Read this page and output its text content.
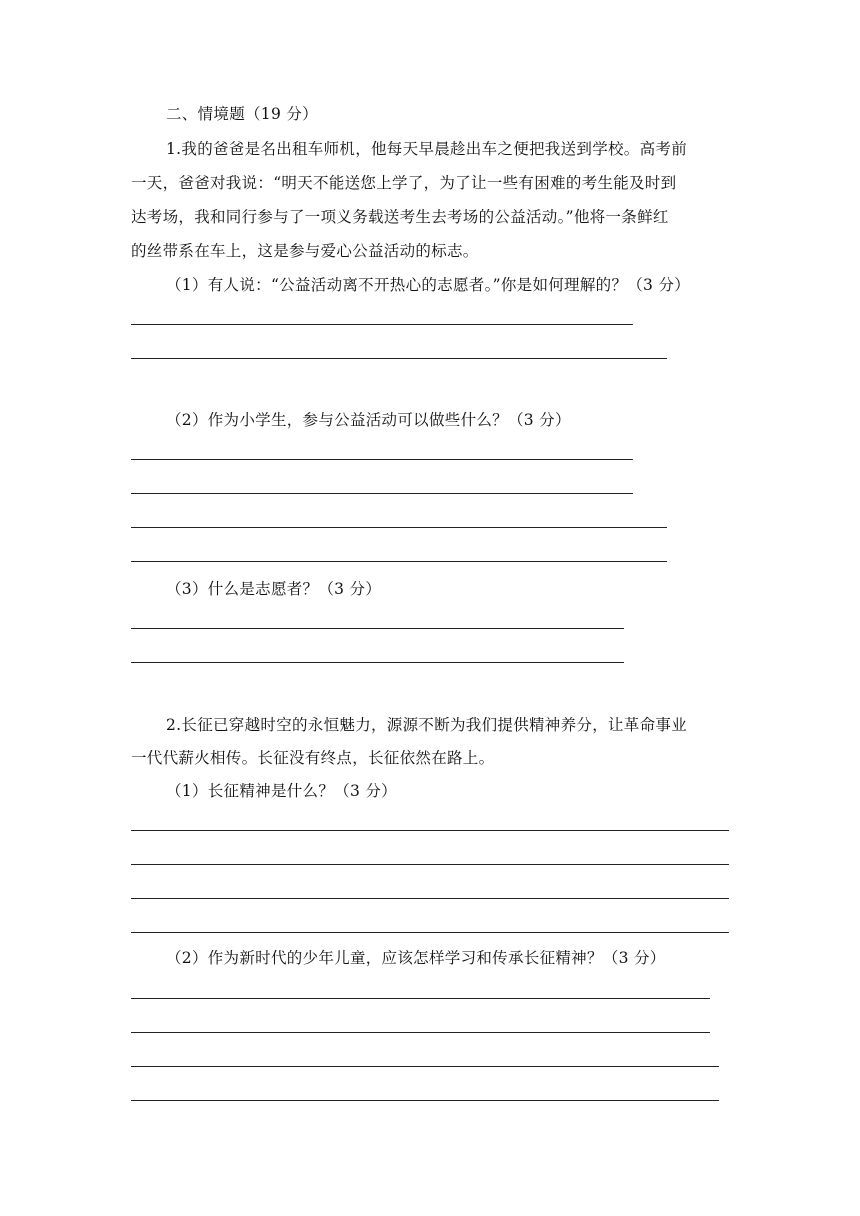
二、情境题（19 分）
1.我的爸爸是名出租车师机，他每天早晨趁出车之便把我送到学校。高考前
一天，爸爸对我说：“明天不能送您上学了，为了让一些有困难的考生能及时到
达考场，我和同行参与了一项义务载送考生去考场的公益活动。”他将一条鲜红
的丝带系在车上，这是参与爱心公益活动的标志。
（1）有人说：“公益活动离不开热心的志愿者。”你是如何理解的？（3 分）
（2）作为小学生，参与公益活动可以做些什么？（3 分）
（3）什么是志愿者？（3 分）
2.长征已穿越时空的永恒魅力，源源不断为我们提供精神养分，让革命事业
一代代薪火相传。长征没有终点，长征依然在路上。
（1）长征精神是什么？（3 分）
（2）作为新时代的少年儿童，应该怎样学习和传承长征精神？（3 分）
